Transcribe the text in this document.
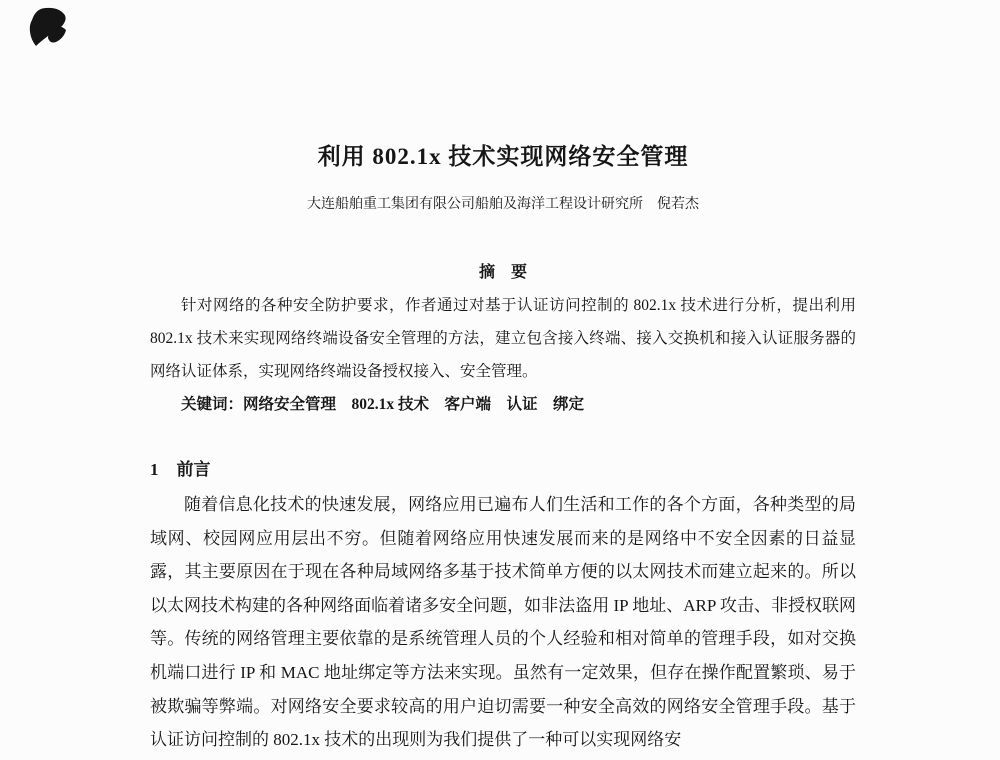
利用 802.1x 技术实现网络安全管理
大连船舶重工集团有限公司船舶及海洋工程设计研究所　倪若杰
摘　要

针对网络的各种安全防护要求，作者通过对基于认证访问控制的 802.1x 技术进行分析，提出利用 802.1x 技术来实现网络终端设备安全管理的方法，建立包含接入终端、接入交换机和接入认证服务器的网络认证体系，实现网络终端设备授权接入、安全管理。

关键词：网络安全管理　802.1x 技术　客户端　认证　绑定
1 前言

随着信息化技术的快速发展，网络应用已遍布人们生活和工作的各个方面，各种类型的局域网、校园网应用层出不穷。但随着网络应用快速发展而来的是网络中不安全因素的日益显露，其主要原因在于现在各种局域网络多基于技术简单方便的以太网技术而建立起来的。所以以太网技术构建的各种网络面临着诸多安全问题，如非法盗用 IP 地址、ARP 攻击、非授权联网等。传统的网络管理主要依靠的是系统管理人员的个人经验和相对简单的管理手段，如对交换机端口进行 IP 和 MAC 地址绑定等方法来实现。虽然有一定效果，但存在操作配置繁琐、易于被欺骗等弊端。对网络安全要求较高的用户迫切需要一种安全高效的网络安全管理手段。基于认证访问控制的 802.1x 技术的出现则为我们提供了一种可以实现网络安
